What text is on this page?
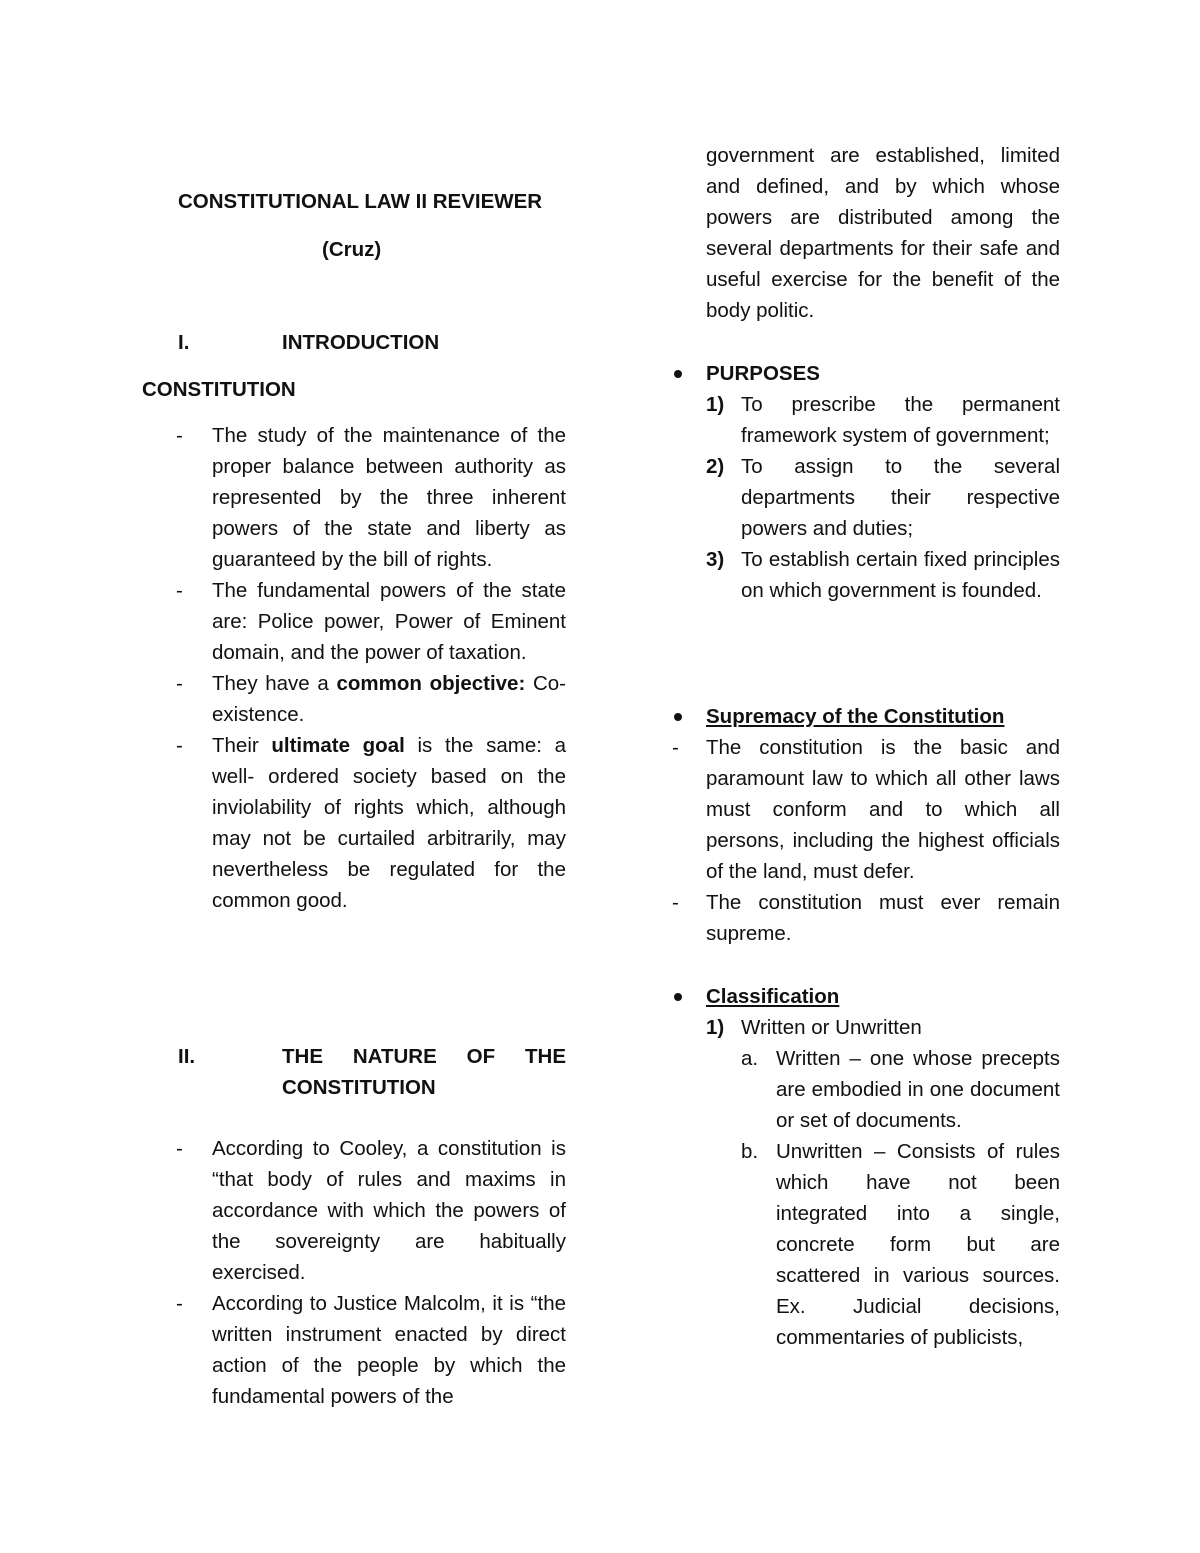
CONSTITUTIONAL LAW II REVIEWER
(Cruz)
I.	INTRODUCTION
CONSTITUTION
- The study of the maintenance of the proper balance between authority as represented by the three inherent powers of the state and liberty as guaranteed by the bill of rights.
- The fundamental powers of the state are: Police power, Power of Eminent domain, and the power of taxation.
- They have a common objective: Co-existence.
- Their ultimate goal is the same: a well- ordered society based on the inviolability of rights which, although may not be curtailed arbitrarily, may nevertheless be regulated for the common good.
II.	THE NATURE OF THE
CONSTITUTION
- According to Cooley, a constitution is “that body of rules and maxims in accordance with which the powers of the sovereignty are habitually exercised.
- According to Justice Malcolm, it is “the written instrument enacted by direct action of the people by which the fundamental powers of the
government are established, limited and defined, and by which whose powers are distributed among the several departments for their safe and useful exercise for the benefit of the body politic.
PURPOSES
1) To prescribe the permanent framework system of government;
2) To assign to the several departments their respective powers and duties;
3) To establish certain fixed principles on which government is founded.
Supremacy of the Constitution
- The constitution is the basic and paramount law to which all other laws must conform and to which all persons, including the highest officials of the land, must defer.
- The constitution must ever remain supreme.
Classification
1) Written or Unwritten
a. Written – one whose precepts are embodied in one document or set of documents.
b. Unwritten – Consists of rules which have not been integrated into a single, concrete form but are scattered in various sources. Ex. Judicial decisions, commentaries of publicists,
